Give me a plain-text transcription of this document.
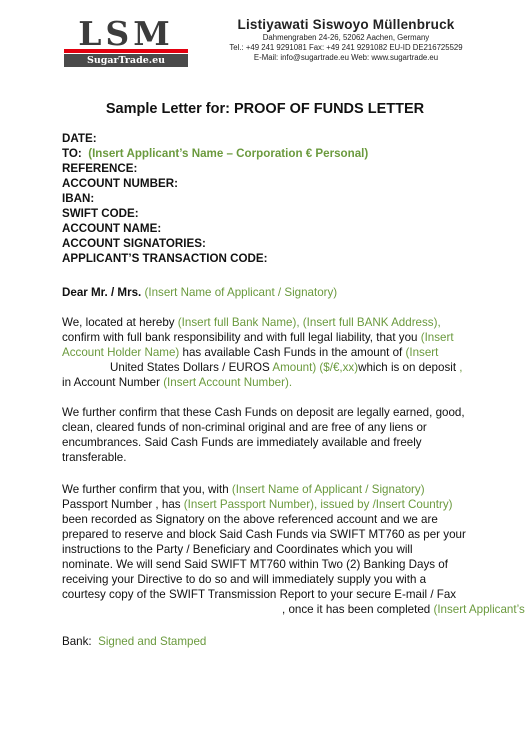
LSM
SugarTrade.eu
Listiyawati Siswoyo Müllenbruck
Dahmengraben 24-26, 52062 Aachen, Germany
Tel.: +49 241 9291081 Fax: +49 241 9291082 EU-ID DE216725529
E-Mail: info@sugartrade.eu Web: www.sugartrade.eu
Sample Letter for: PROOF OF FUNDS LETTER
DATE:
TO: (Insert Applicant’s Name – Corporation € Personal)
REFERENCE:
ACCOUNT NUMBER:
IBAN:
SWIFT CODE:
ACCOUNT NAME:
ACCOUNT SIGNATORIES:
APPLICANT’S TRANSACTION CODE:
Dear Mr. / Mrs. (Insert Name of Applicant / Signatory)
We, located at hereby (Insert full Bank Name), (Insert full BANK Address),
confirm with full bank responsibility and with full legal liability, that you (Insert
Account Holder Name) has available Cash Funds in the amount of (Insert
United States Dollars / EUROS Amount) ($/€,xx)which is on deposit ,
in Account Number (Insert Account Number).
We further confirm that these Cash Funds on deposit are legally earned, good,
clean, cleared funds of non-criminal original and are free of any liens or
encumbrances. Said Cash Funds are immediately available and freely
transferable.
We further confirm that you, with (Insert Name of Applicant / Signatory)
Passport Number , has (Insert Passport Number), issued by /Insert Country)
been recorded as Signatory on the above referenced account and we are
prepared to reserve and block Said Cash Funds via SWIFT MT760 as per your
instructions to the Party / Beneficiary and Coordinates which you will
nominate. We will send Said SWIFT MT760 within Two (2) Banking Days of
receiving your Directive to do so and will immediately supply you with a
courtesy copy of the SWIFT Transmission Report to your secure E-mail / Fax
, once it has been completed (Insert Applicant’s
Bank:  Signed and Stamped
